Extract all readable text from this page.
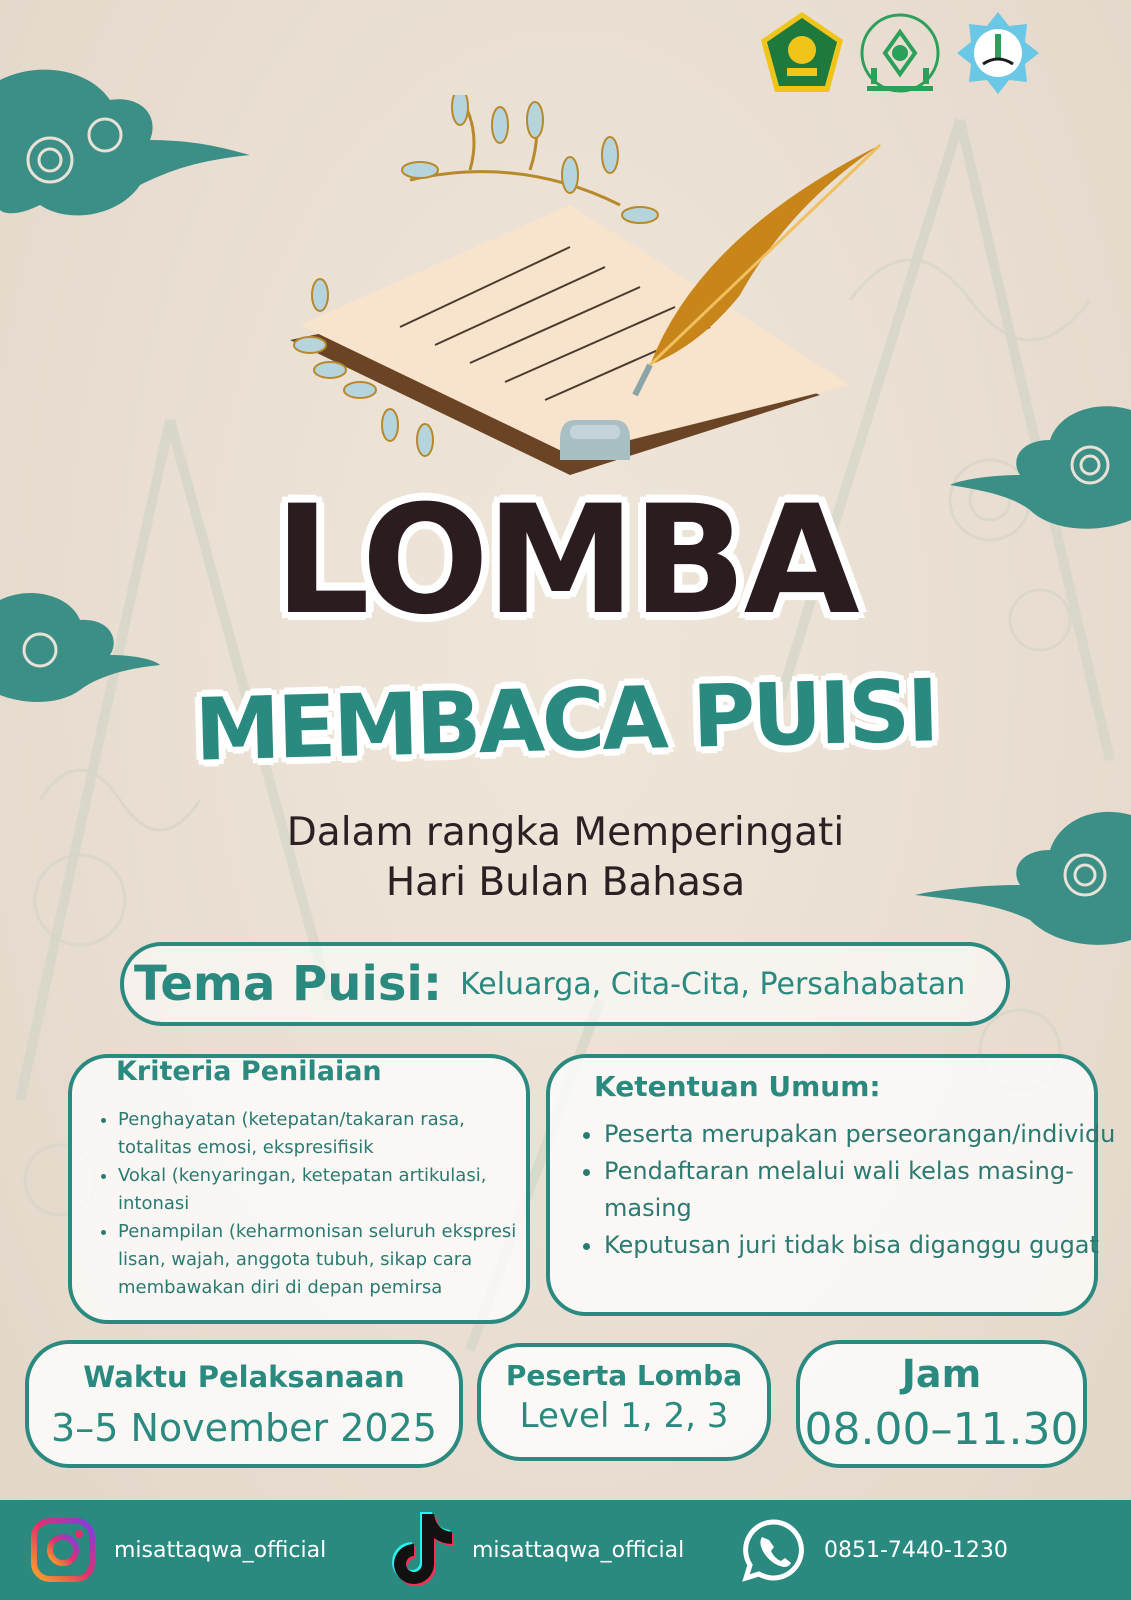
LOMBA
MEMBACA PUISI
Dalam rangka Memperingati
Hari Bulan Bahasa
Tema Puisi: Keluarga, Cita-Cita, Persahabatan
Kriteria Penilaian
• Penghayatan (ketepatan/takaran rasa, totalitas emosi, ekspresifisik
• Vokal (kenyaringan, ketepatan artikulasi, intonasi
• Penampilan (keharmonisan seluruh ekspresi lisan, wajah, anggota tubuh, sikap cara membawakan diri di depan pemirsa
Ketentuan Umum:
• Peserta merupakan perseorangan/individu
• Pendaftaran melalui wali kelas masing-masing
• Keputusan juri tidak bisa diganggu gugat
Waktu Pelaksanaan
3–5 November 2025
Peserta Lomba
Level 1, 2, 3
Jam
08.00–11.30
misattaqwa_official	misattaqwa_official	0851-7440-1230
